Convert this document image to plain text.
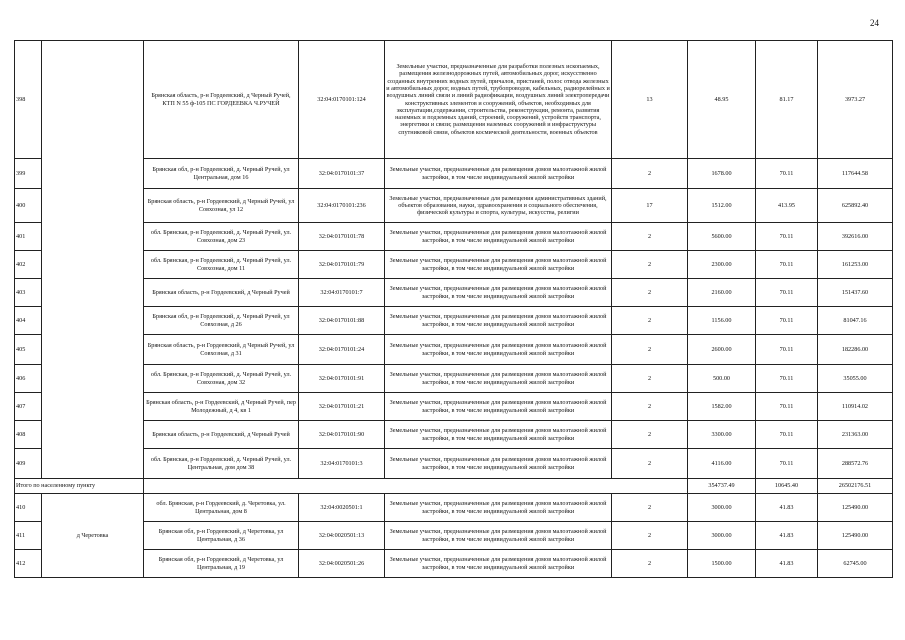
24
398		Брянская область, р-н Гордеевский, д Черный Ручей, КТП N 55 ф-105 ПС ГОРДЕЕВКА Ч.РУЧЕЙ	32:04:0170101:124	Земельные участки, предназначенные для разработки полезных ископаемых, размещения железнодорожных путей, автомобильных дорог, искусственно созданных внутренних водных путей, причалов, пристаней, полос отвода железных и автомобильных дорог, водных путей, трубопроводов, кабельных, радиорелейных и воздушных линий связи и линий радиофикации, воздушных линий электропередачи конструктивных элементов и сооружений, объектов, необходимых для эксплуатации,содержания, строительства, реконструкции, ремонта, развития наземных и подземных зданий, строений, сооружений, устройств транспорта, энергетики и связи; размещения наземных сооружений и инфраструктуры спутниковой связи, объектов космической деятельности, военных объектов	13	48.95	81.17	3973.27
399		Брянская обл, р-н Гордеевский, д. Черный Ручей, ул Центральная, дом 16	32:04:0170101:37	Земельные участки, предназначенные для размещения домов малоэтажной жилой застройки, в том числе индивидуальной жилой застройки	2	1678.00	70.11	117644.58
400		Брянская область, р-н Гордеевский, д Черный Ручей, ул Совхозная, ул 12	32:04:0170101:236	Земельные участки, предназначенные для размещения административных зданий, объектов образования, науки, здравоохранения и социального обеспечения, физической культуры и спорта, культуры, искусства, религии	17	1512.00	413.95	625892.40
401		обл. Брянская, р-н Гордеевский, д. Черный Ручей, ул. Совхозная, дом 23	32:04:0170101:78	Земельные участки, предназначенные для размещения домов малоэтажной жилой застройки, в том числе индивидуальной жилой застройки	2	5600.00	70.11	392616.00
402		обл. Брянская, р-н Гордеевский, д. Черный Ручей, ул. Совхозная, дом 11	32:04:0170101:79	Земельные участки, предназначенные для размещения домов малоэтажной жилой застройки, в том числе индивидуальной жилой застройки	2	2300.00	70.11	161253.00
403		Брянская область, р-н Гордеевский, д Черный Ручей	32:04:0170101:7	Земельные участки, предназначенные для размещения домов малоэтажной жилой застройки, в том числе индивидуальной жилой застройки	2	2160.00	70.11	151437.60
404		Брянская обл, р-н Гордеевский, д. Черный Ручей, ул Совхозная, д 26	32:04:0170101:88	Земельные участки, предназначенные для размещения домов малоэтажной жилой застройки, в том числе индивидуальной жилой застройки	2	1156.00	70.11	81047.16
405		Брянская область, р-н Гордеевский, д Черный Ручей, ул Совхозная, д 31	32:04:0170101:24	Земельные участки, предназначенные для размещения домов малоэтажной жилой застройки, в том числе индивидуальной жилой застройки	2	2600.00	70.11	182286.00
406		обл. Брянская, р-н Гордеевский, д. Черный Ручей, ул. Совхозная, дом 32	32:04:0170101:91	Земельные участки, предназначенные для размещения домов малоэтажной жилой застройки, в том числе индивидуальной жилой застройки	2	500.00	70.11	35055.00
407		Брянская область, р-н Гордеевский, д Черный Ручей, пер Молодежный, д 4, кв 1	32:04:0170101:21	Земельные участки, предназначенные для размещения домов малоэтажной жилой застройки, в том числе индивидуальной жилой застройки	2	1582.00	70.11	110914.02
408		Брянская область, р-н Гордеевский, д Черный Ручей	32:04:0170101:90	Земельные участки, предназначенные для размещения домов малоэтажной жилой застройки, в том числе индивидуальной жилой застройки	2	3300.00	70.11	231363.00
409		обл. Брянская, р-н Гордеевский, д. Черный Ручей, ул. Центральная, дом дом 38	32:04:0170101:3	Земельные участки, предназначенные для размещения домов малоэтажной жилой застройки, в том числе индивидуальной жилой застройки	2	4116.00	70.11	288572.76
Итого по населенному пункту						354737.49	10645.40	26502176.51
410	д Черетовка	обл. Брянская, р-н Гордеевский, д. Черетовка, ул. Центральная, дом 8	32:04:0020501:1	Земельные участки, предназначенные для размещения домов малоэтажной жилой застройки, в том числе индивидуальной жилой застройки	2	3000.00	41.83	125490.00
411		Брянская обл, р-н Гордеевский, д Черетовка, ул Центральная, д 36	32:04:0020501:13	Земельные участки, предназначенные для размещения домов малоэтажной жилой застройки, в том числе индивидуальной жилой застройки	2	3000.00	41.83	125490.00
412		Брянская обл, р-н Гордеевский, д Черетовка, ул Центральная, д 19	32:04:0020501:26	Земельные участки, предназначенные для размещения домов малоэтажной жилой застройки, в том числе индивидуальной жилой застройки	2	1500.00	41.83	62745.00
